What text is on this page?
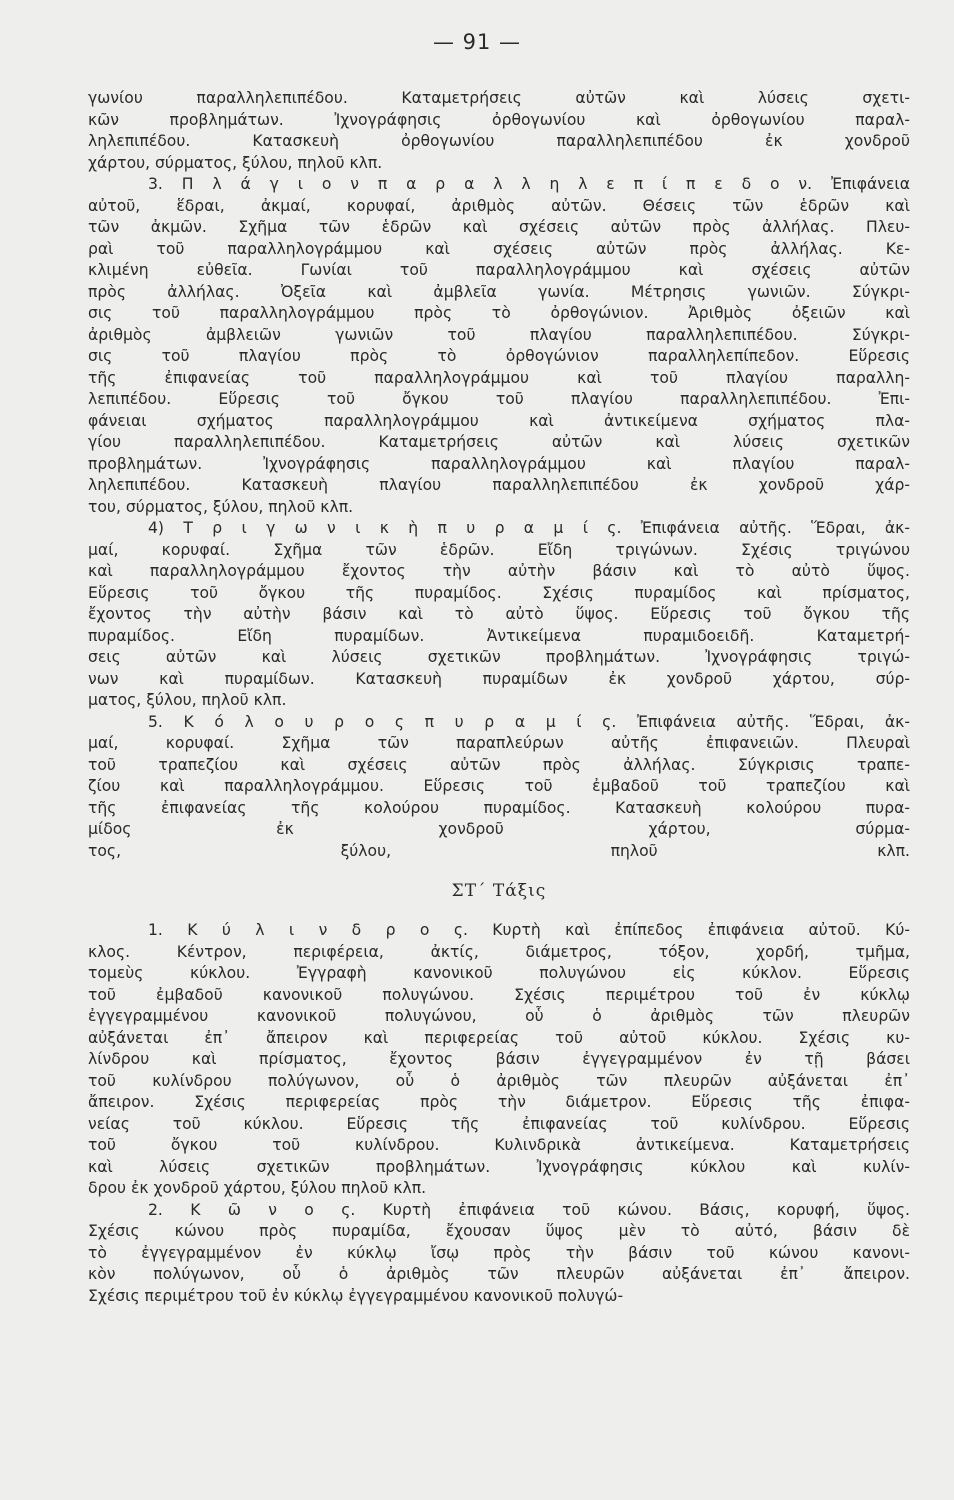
— 91 —
γωνίου παραλληλεπιπέδου. Καταμετρήσεις αὐτῶν καὶ λύσεις σχετι-
κῶν προβλημάτων. Ἰχνογράφησις ὀρθογωνίου καὶ ὀρθογωνίου παραλ-
ληλεπιπέδου. Κατασκευὴ ὀρθογωνίου παραλληλεπιπέδου ἐκ χονδροῦ
χάρτου, σύρματος, ξύλου, πηλοῦ κλπ.
3. Π λ ά γ ι ο ν π α ρ α λ λ η λ ε π ί π ε δ ο ν. Ἐπιφάνεια
αὐτοῦ, ἕδραι, ἀκμαί, κορυφαί, ἀριθμὸς αὐτῶν. Θέσεις τῶν ἑδρῶν καὶ
τῶν ἀκμῶν. Σχῆμα τῶν ἑδρῶν καὶ σχέσεις αὐτῶν πρὸς ἀλλήλας. Πλευ-
ραὶ τοῦ παραλληλογράμμου καὶ σχέσεις αὐτῶν πρὸς ἀλλήλας. Κε-
κλιμένη εὐθεῖα. Γωνίαι τοῦ παραλληλογράμμου καὶ σχέσεις αὐτῶν
πρὸς ἀλλήλας. Ὀξεῖα καὶ ἀμβλεῖα γωνία. Μέτρησις γωνιῶν. Σύγκρι-
σις τοῦ παραλληλογράμμου πρὸς τὸ ὀρθογώνιον. Ἀριθμὸς ὀξειῶν καὶ
ἀριθμὸς ἀμβλειῶν γωνιῶν τοῦ πλαγίου παραλληλεπιπέδου. Σύγκρι-
σις τοῦ πλαγίου πρὸς τὸ ὀρθογώνιον παραλληλεπίπεδον. Εὕρεσις
τῆς ἐπιφανείας τοῦ παραλληλογράμμου καὶ τοῦ πλαγίου παραλλη-
λεπιπέδου. Εὕρεσις τοῦ ὄγκου τοῦ πλαγίου παραλληλεπιπέδου. Ἐπι-
φάνειαι σχήματος παραλληλογράμμου καὶ ἀντικείμενα σχήματος πλα-
γίου παραλληλεπιπέδου. Καταμετρήσεις αὐτῶν καὶ λύσεις σχετικῶν
προβλημάτων. Ἰχνογράφησις παραλληλογράμμου καὶ πλαγίου παραλ-
ληλεπιπέδου. Κατασκευὴ πλαγίου παραλληλεπιπέδου ἐκ χονδροῦ χάρ-
του, σύρματος, ξύλου, πηλοῦ κλπ.
4) Τ ρ ι γ ω ν ι κ ὴ π υ ρ α μ ί ς. Ἐπιφάνεια αὐτῆς. Ἕδραι, ἀκ-
μαί, κορυφαί. Σχῆμα τῶν ἑδρῶν. Εἴδη τριγώνων. Σχέσις τριγώνου
καὶ παραλληλογράμμου ἔχοντος τὴν αὐτὴν βάσιν καὶ τὸ αὐτὸ ὕψος.
Εὕρεσις τοῦ ὄγκου τῆς πυραμίδος. Σχέσις πυραμίδος καὶ πρίσματος,
ἔχοντος τὴν αὐτὴν βάσιν καὶ τὸ αὐτὸ ὕψος. Εὕρεσις τοῦ ὄγκου τῆς
πυραμίδος. Εἴδη πυραμίδων. Ἀντικείμενα πυραμιδοειδῆ. Καταμετρή-
σεις αὐτῶν καὶ λύσεις σχετικῶν προβλημάτων. Ἰχνογράφησις τριγώ-
νων καὶ πυραμίδων. Κατασκευὴ πυραμίδων ἐκ χονδροῦ χάρτου, σύρ-
ματος, ξύλου, πηλοῦ κλπ.
5. Κ ό λ ο υ ρ ο ς π υ ρ α μ ί ς. Ἐπιφάνεια αὐτῆς. Ἕδραι, ἀκ-
μαί, κορυφαί. Σχῆμα τῶν παραπλεύρων αὐτῆς ἐπιφανειῶν. Πλευραὶ
τοῦ τραπεζίου καὶ σχέσεις αὐτῶν πρὸς ἀλλήλας. Σύγκρισις τραπε-
ζίου καὶ παραλληλογράμμου. Εὕρεσις τοῦ ἐμβαδοῦ τοῦ τραπεζίου καὶ
τῆς ἐπιφανείας τῆς κολούρου πυραμίδος. Κατασκευὴ κολούρου πυρα-
μίδος ἐκ χονδροῦ χάρτου, σύρμα-
τος, ξύλου, πηλοῦ κλπ.
ΣΤ΄ Τάξις
1. Κ ύ λ ι ν δ ρ ο ς. Κυρτὴ καὶ ἐπίπεδος ἐπιφάνεια αὐτοῦ. Κύ-
κλος. Κέντρον, περιφέρεια, ἀκτίς, διάμετρος, τόξον, χορδή, τμῆμα,
τομεὺς κύκλου. Ἐγγραφὴ κανονικοῦ πολυγώνου εἰς κύκλον. Εὕρεσις
τοῦ ἐμβαδοῦ κανονικοῦ πολυγώνου. Σχέσις περιμέτρου τοῦ ἐν κύκλῳ
ἐγγεγραμμένου κανονικοῦ πολυγώνου, οὗ ὁ ἀριθμὸς τῶν πλευρῶν
αὐξάνεται ἐπ᾿ ἄπειρον καὶ περιφερείας τοῦ αὐτοῦ κύκλου. Σχέσις κυ-
λίνδρου καὶ πρίσματος, ἔχοντος βάσιν ἐγγεγραμμένον ἐν τῇ βάσει
τοῦ κυλίνδρου πολύγωνον, οὗ ὁ ἀριθμὸς τῶν πλευρῶν αὐξάνεται ἐπ᾿
ἄπειρον. Σχέσις περιφερείας πρὸς τὴν διάμετρον. Εὕρεσις τῆς ἐπιφα-
νείας τοῦ κύκλου. Εὕρεσις τῆς ἐπιφανείας τοῦ κυλίνδρου. Εὕρεσις
τοῦ ὄγκου τοῦ κυλίνδρου. Κυλινδρικὰ ἀντικείμενα. Καταμετρήσεις
καὶ λύσεις σχετικῶν προβλημάτων. Ἰχνογράφησις κύκλου καὶ κυλίν-
δρου ἐκ χονδροῦ χάρτου, ξύλου πηλοῦ κλπ.
2. Κ ῶ ν ο ς. Κυρτὴ ἐπιφάνεια τοῦ κώνου. Βάσις, κορυφή, ὕψος.
Σχέσις κώνου πρὸς πυραμίδα, ἔχουσαν ὕψος μὲν τὸ αὐτό, βάσιν δὲ
τὸ ἐγγεγραμμένον ἐν κύκλῳ ἴσῳ πρὸς τὴν βάσιν τοῦ κώνου κανονι-
κὸν πολύγωνον, οὗ ὁ ἀριθμὸς τῶν πλευρῶν αὐξάνεται ἐπ᾿ ἄπειρον.
Σχέσις περιμέτρου τοῦ ἐν κύκλῳ ἐγγεγραμμένου κανονικοῦ πολυγώ-
